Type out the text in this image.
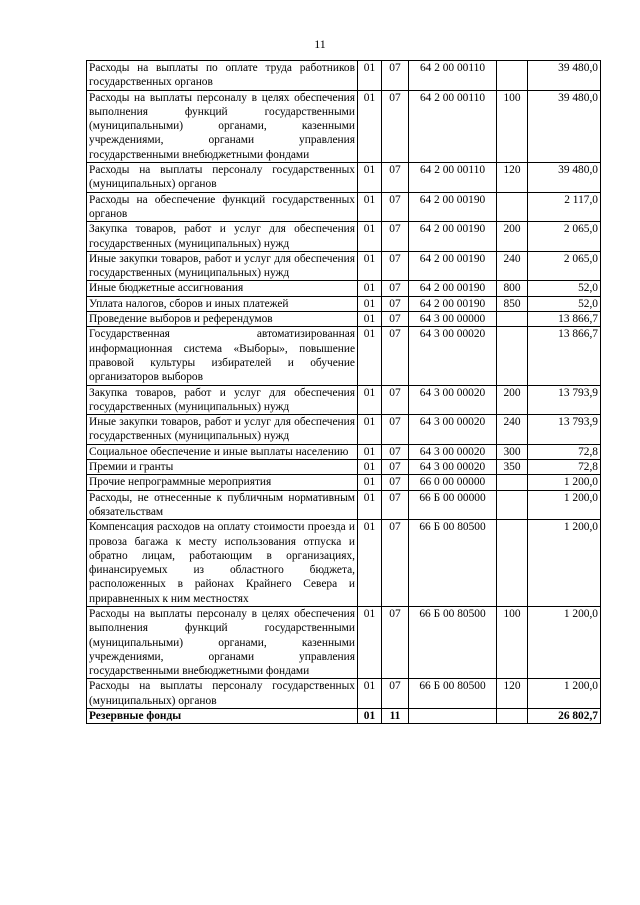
11
Расходы на выплаты по оплате труда работников государственных органов	01	07	64 2 00 00110		39 480,0
Расходы на выплаты персоналу в целях обеспечения выполнения функций государственными (муниципальными) органами, казенными учреждениями, органами управления государственными внебюджетными фондами	01	07	64 2 00 00110	100	39 480,0
Расходы на выплаты персоналу государственных (муниципальных) органов	01	07	64 2 00 00110	120	39 480,0
Расходы на обеспечение функций государственных органов	01	07	64 2 00 00190		2 117,0
Закупка товаров, работ и услуг для обеспечения государственных (муниципальных) нужд	01	07	64 2 00 00190	200	2 065,0
Иные закупки товаров, работ и услуг для обеспечения государственных (муниципальных) нужд	01	07	64 2 00 00190	240	2 065,0
Иные бюджетные ассигнования	01	07	64 2 00 00190	800	52,0
Уплата налогов, сборов и иных платежей	01	07	64 2 00 00190	850	52,0
Проведение выборов и референдумов	01	07	64 3 00 00000		13 866,7
Государственная автоматизированная информационная система «Выборы», повышение правовой культуры избирателей и обучение организаторов выборов	01	07	64 3 00 00020		13 866,7
Закупка товаров, работ и услуг для обеспечения государственных (муниципальных) нужд	01	07	64 3 00 00020	200	13 793,9
Иные закупки товаров, работ и услуг для обеспечения государственных (муниципальных) нужд	01	07	64 3 00 00020	240	13 793,9
Социальное обеспечение и иные выплаты населению	01	07	64 3 00 00020	300	72,8
Премии и гранты	01	07	64 3 00 00020	350	72,8
Прочие непрограммные мероприятия	01	07	66 0 00 00000		1 200,0
Расходы, не отнесенные к публичным нормативным обязательствам	01	07	66 Б 00 00000		1 200,0
Компенсация расходов на оплату стоимости проезда и провоза багажа к месту использования отпуска и обратно лицам, работающим в организациях, финансируемых из областного бюджета, расположенных в районах Крайнего Севера и приравненных к ним местностях	01	07	66 Б 00 80500		1 200,0
Расходы на выплаты персоналу в целях обеспечения выполнения функций государственными (муниципальными) органами, казенными учреждениями, органами управления государственными внебюджетными фондами	01	07	66 Б 00 80500	100	1 200,0
Расходы на выплаты персоналу государственных (муниципальных) органов	01	07	66 Б 00 80500	120	1 200,0
Резервные фонды	01	11			26 802,7
